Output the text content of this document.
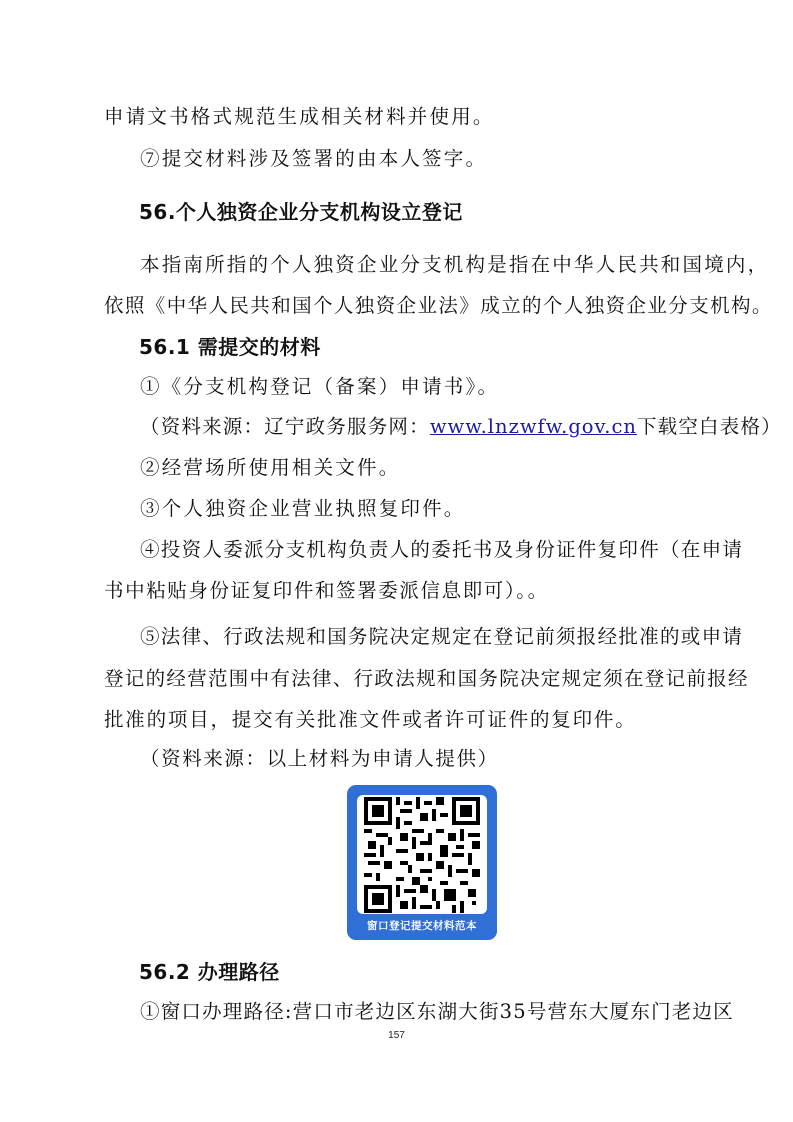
申请文书格式规范生成相关材料并使用。
⑦提交材料涉及签署的由本人签字。
56.个人独资企业分支机构设立登记
本指南所指的个人独资企业分支机构是指在中华人民共和国境内，
依照《中华人民共和国个人独资企业法》成立的个人独资企业分支机构。
56.1 需提交的材料
①《分支机构登记（备案）申请书》。
（资料来源：辽宁政务服务网：www.lnzwfw.gov.cn下载空白表格）
②经营场所使用相关文件。
③个人独资企业营业执照复印件。
④投资人委派分支机构负责人的委托书及身份证件复印件（在申请
书中粘贴身份证复印件和签署委派信息即可）。。
⑤法律、行政法规和国务院决定规定在登记前须报经批准的或申请
登记的经营范围中有法律、行政法规和国务院决定规定须在登记前报经
批准的项目，提交有关批准文件或者许可证件的复印件。
（资料来源：以上材料为申请人提供）
窗口登记提交材料范本
56.2 办理路径
①窗口办理路径:营口市老边区东湖大街35号营东大厦东门老边区
157
